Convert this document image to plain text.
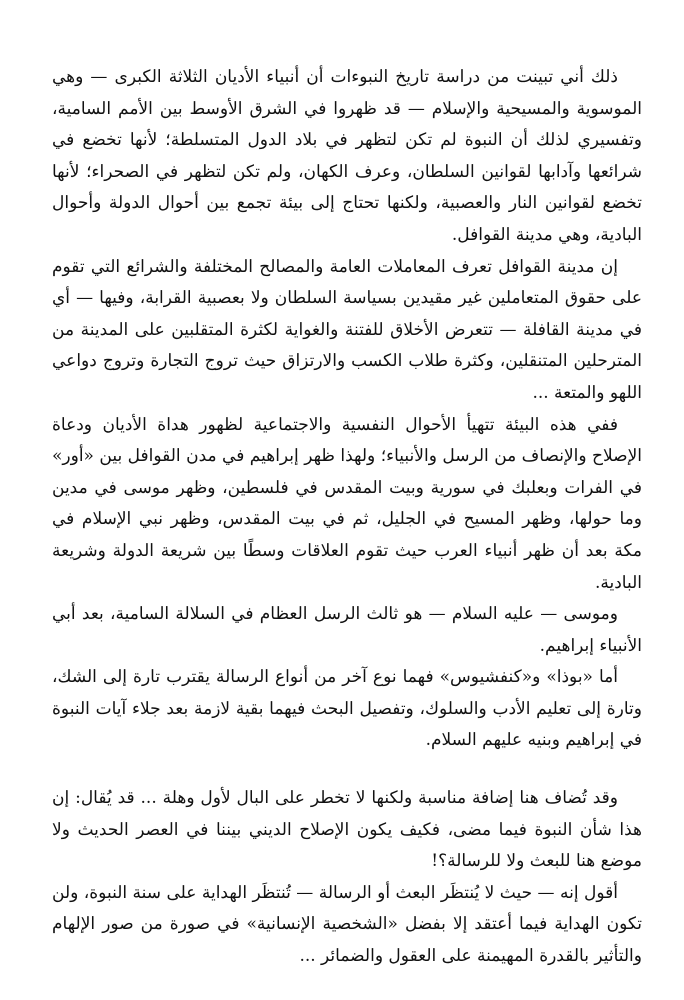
ذلك أني تبينت من دراسة تاريخ النبوءات أن أنبياء الأديان الثلاثة الكبرى — وهي الموسوية والمسيحية والإسلام — قد ظهروا في الشرق الأوسط بين الأمم السامية، وتفسيري لذلك أن النبوة لم تكن لتظهر في بلاد الدول المتسلطة؛ لأنها تخضع في شرائعها وآدابها لقوانين السلطان، وعرف الكهان، ولم تكن لتظهر في الصحراء؛ لأنها تخضع لقوانين النار والعصبية، ولكنها تحتاج إلى بيئة تجمع بين أحوال الدولة وأحوال البادية، وهي مدينة القوافل.

إن مدينة القوافل تعرف المعاملات العامة والمصالح المختلفة والشرائع التي تقوم على حقوق المتعاملين غير مقيدين بسياسة السلطان ولا بعصبية القرابة، وفيها — أي في مدينة القافلة — تتعرض الأخلاق للفتنة والغواية لكثرة المتقلبين على المدينة من المترحلين المتنقلين، وكثرة طلاب الكسب والارتزاق حيث تروج التجارة وتروج دواعي اللهو والمتعة ...

ففي هذه البيئة تتهيأ الأحوال النفسية والاجتماعية لظهور هداة الأديان ودعاة الإصلاح والإنصاف من الرسل والأنبياء؛ ولهذا ظهر إبراهيم في مدن القوافل بين «أور» في الفرات وبعلبك في سورية وبيت المقدس في فلسطين، وظهر موسى في مدين وما حولها، وظهر المسيح في الجليل، ثم في بيت المقدس، وظهر نبي الإسلام في مكة بعد أن ظهر أنبياء العرب حيث تقوم العلاقات وسطًا بين شريعة الدولة وشريعة البادية.

وموسى — عليه السلام — هو ثالث الرسل العظام في السلالة السامية، بعد أبي الأنبياء إبراهيم.

أما «بوذا» و«كنفشيوس» فهما نوع آخر من أنواع الرسالة يقترب تارة إلى الشك، وتارة إلى تعليم الأدب والسلوك، وتفصيل البحث فيهما بقية لازمة بعد جلاء آيات النبوة في إبراهيم وبنيه عليهم السلام.

وقد تُضاف هنا إضافة مناسبة ولكنها لا تخطر على البال لأول وهلة ... قد يُقال: إن هذا شأن النبوة فيما مضى، فكيف يكون الإصلاح الديني بيننا في العصر الحديث ولا موضع هنا للبعث ولا للرسالة؟!

أقول إنه — حيث لا يُنتظَر البعث أو الرسالة — تُنتظَر الهداية على سنة النبوة، ولن تكون الهداية فيما أعتقد إلا بفضل «الشخصية الإنسانية» في صورة من صور الإلهام والتأثير بالقدرة المهيمنة على العقول والضمائر ...
